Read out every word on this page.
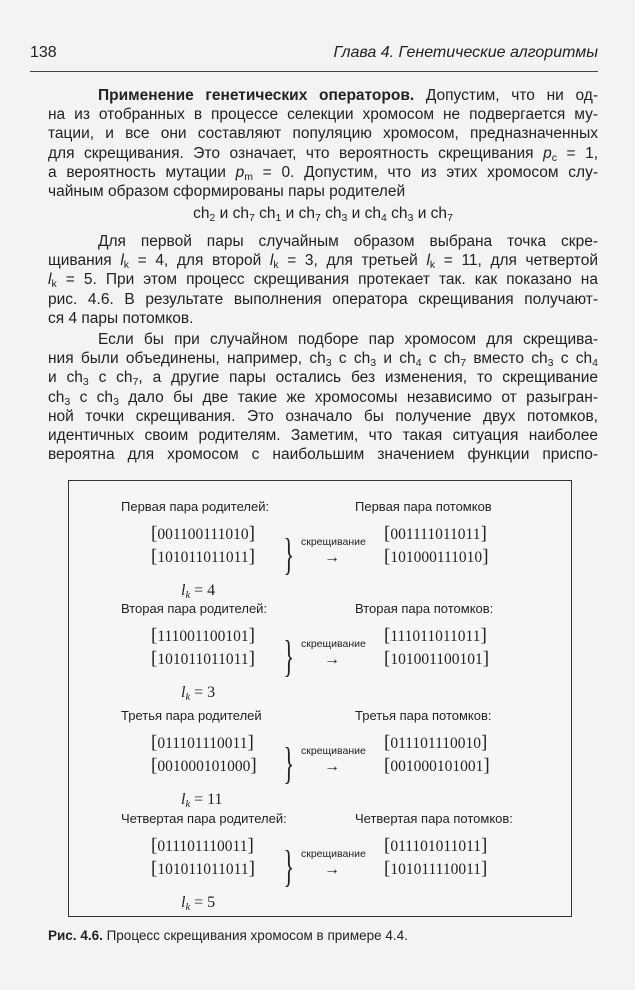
138	Глава 4. Генетические алгоритмы
Применение генетических операторов. Допустим, что ни од-
на из отобранных в процессе селекции хромосом не подвергается му-
тации, и все они составляют популяцию хромосом, предназначенных
для скрещивания. Это означает, что вероятность скрещивания $p_c = 1$,
а вероятность мутации $p_m = 0$. Допустим, что из этих хромосом слу-
чайным образом сформированы пары родителей
$ch_2$ и $ch_7$ $ch_1$ и $ch_7$ $ch_3$ и $ch_4$ $ch_3$ и $ch_7$
Для первой пары случайным образом выбрана точка скре-
щивания $l_k = 4$, для второй $l_k = 3$, для третьей $l_k = 11$, для четвертой
$l_k = 5$. При этом процесс скрещивания протекает так. как показано на
рис. 4.6. В результате выполнения оператора скрещивания получают-
ся 4 пары потомков.
Если бы при случайном подборе пар хромосом для скрещива-
ния были объединены, например, $ch_3$ с $ch_3$ и $ch_4$ с $ch_7$ вместо $ch_3$ с $ch_4$
и $ch_3$ с $ch_7$, а другие пары остались без изменения, то скрещивание
$ch_3$ с $ch_3$ дало бы две такие же хромосомы независимо от разыгран-
ной точки скрещивания. Это означало бы получение двух потомков,
идентичных своим родителям. Заметим, что такая ситуация наиболее
вероятна для хромосом с наибольшим значением функции приспо-
Первая пара родителей:	Первая пара потомков
[ 001100111010 ]
[ 101011011011 ] } скрещивание
→
[ 001111011011 ]
[ 101000111010 ]
$l_k = 4$
Вторая пара родителей:	Вторая пара потомков:
[ 111001100101 ]
[ 101011011011 ] } скрещивание
→
[ 111011011011 ]
[ 101001100101 ]
$l_k = 3$
Третья пара родителей	Третья пара потомков:
[ 011101110011 ]
[ 001000101000 ] } скрещивание
→
[ 011101110010 ]
[ 001000101001 ]
$l_k = 11$
Четвертая пара родителей:	Четвертая пара потомков:
[ 011101110011 ]
[ 101011011011 ] } скрещивание
→
[ 011101011011 ]
[ 101011110011 ]
$l_k = 5$
Рис. 4.6. Процесс скрещивания хромосом в примере 4.4.
